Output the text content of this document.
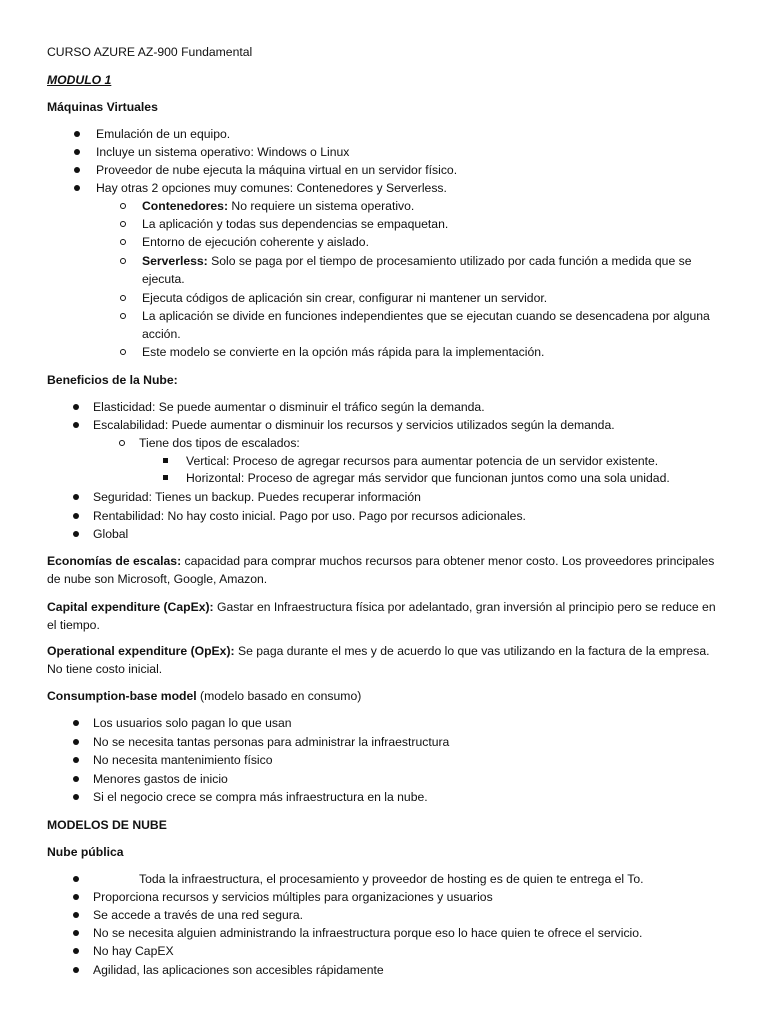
CURSO AZURE AZ-900 Fundamental

MODULO 1

Máquinas Virtuales

Emulación de un equipo.
Incluye un sistema operativo: Windows o Linux
Proveedor de nube ejecuta la máquina virtual en un servidor físico.
Hay otras 2 opciones muy comunes: Contenedores y Serverless.
Contenedores: No requiere un sistema operativo.
La aplicación y todas sus dependencias se empaquetan.
Entorno de ejecución coherente y aislado.
Serverless: Solo se paga por el tiempo de procesamiento utilizado por cada función a medida que se ejecuta.
Ejecuta códigos de aplicación sin crear, configurar ni mantener un servidor.
La aplicación se divide en funciones independientes que se ejecutan cuando se desencadena por alguna acción.
Este modelo se convierte en la opción más rápida para la implementación.

Beneficios de la Nube:

Elasticidad: Se puede aumentar o disminuir el tráfico según la demanda.
Escalabilidad: Puede aumentar o disminuir los recursos y servicios utilizados según la demanda.
Tiene dos tipos de escalados:
Vertical: Proceso de agregar recursos para aumentar potencia de un servidor existente.
Horizontal: Proceso de agregar más servidor que funcionan juntos como una sola unidad.
Seguridad: Tienes un backup. Puedes recuperar información
Rentabilidad: No hay costo inicial. Pago por uso. Pago por recursos adicionales.
Global

Economías de escalas: capacidad para comprar muchos recursos para obtener menor costo. Los proveedores principales de nube son Microsoft, Google, Amazon.

Capital expenditure (CapEx): Gastar en Infraestructura física por adelantado, gran inversión al principio pero se reduce en el tiempo.

Operational expenditure (OpEx): Se paga durante el mes y de acuerdo lo que vas utilizando en la factura de la empresa. No tiene costo inicial.

Consumption-base model (modelo basado en consumo)

Los usuarios solo pagan lo que usan
No se necesita tantas personas para administrar la infraestructura
No necesita mantenimiento físico
Menores gastos de inicio
Si el negocio crece se compra más infraestructura en la nube.

MODELOS DE NUBE

Nube pública

Toda la infraestructura, el procesamiento y proveedor de hosting es de quien te entrega el To.
Proporciona recursos y servicios múltiples para organizaciones y usuarios
Se accede a través de una red segura.
No se necesita alguien administrando la infraestructura porque eso lo hace quien te ofrece el servicio.
No hay CapEX
Agilidad, las aplicaciones son accesibles rápidamente
